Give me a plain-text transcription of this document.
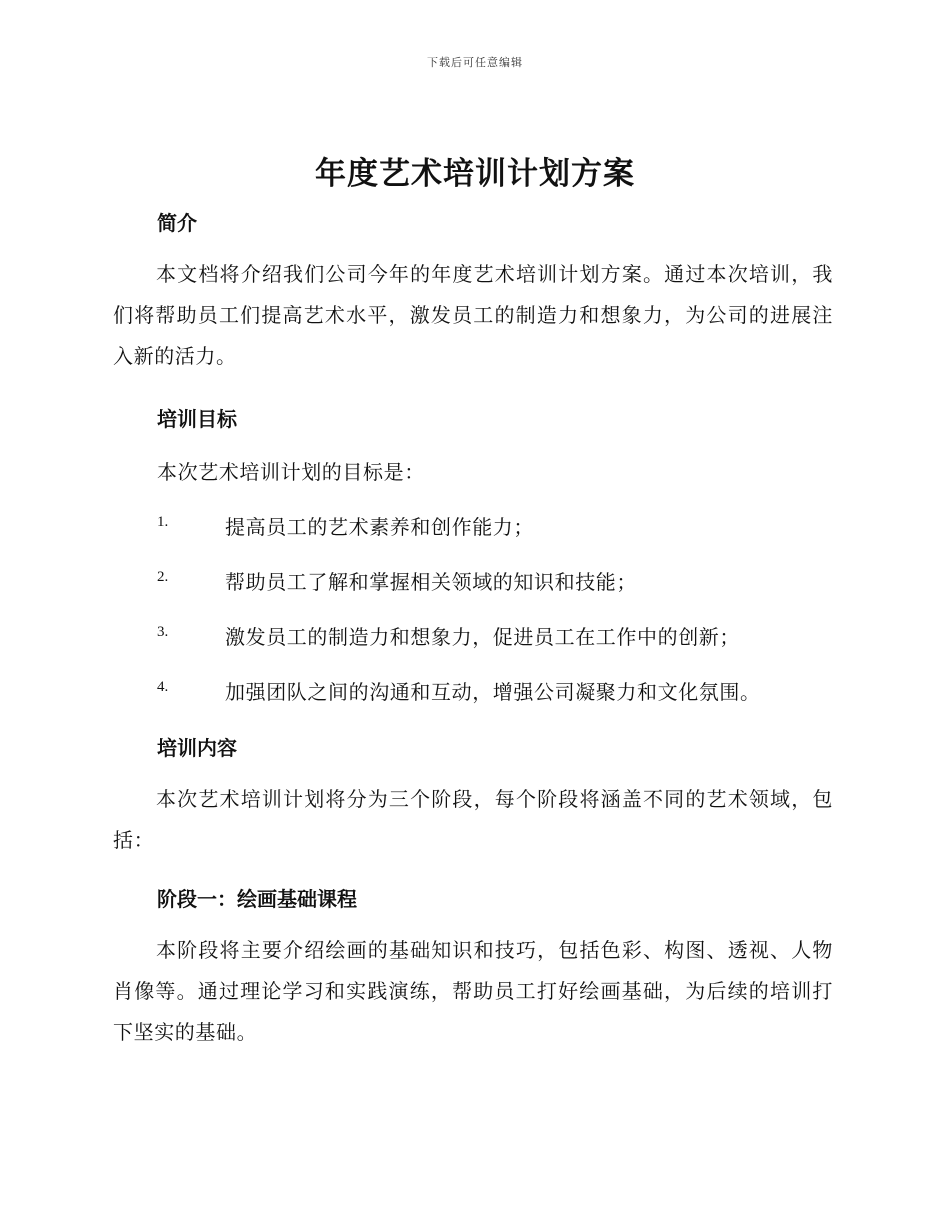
下载后可任意编辑
年度艺术培训计划方案
简介

本文档将介绍我们公司今年的年度艺术培训计划方案。通过本次培训，我们将帮助员工们提高艺术水平，激发员工的制造力和想象力，为公司的进展注入新的活力。

培训目标

本次艺术培训计划的目标是：

1.	提高员工的艺术素养和创作能力；
2.	帮助员工了解和掌握相关领域的知识和技能；
3.	激发员工的制造力和想象力，促进员工在工作中的创新；
4.	加强团队之间的沟通和互动，增强公司凝聚力和文化氛围。
培训内容

本次艺术培训计划将分为三个阶段，每个阶段将涵盖不同的艺术领域，包括：

阶段一：绘画基础课程

本阶段将主要介绍绘画的基础知识和技巧，包括色彩、构图、透视、人物肖像等。通过理论学习和实践演练，帮助员工打好绘画基础，为后续的培训打下坚实的基础。
